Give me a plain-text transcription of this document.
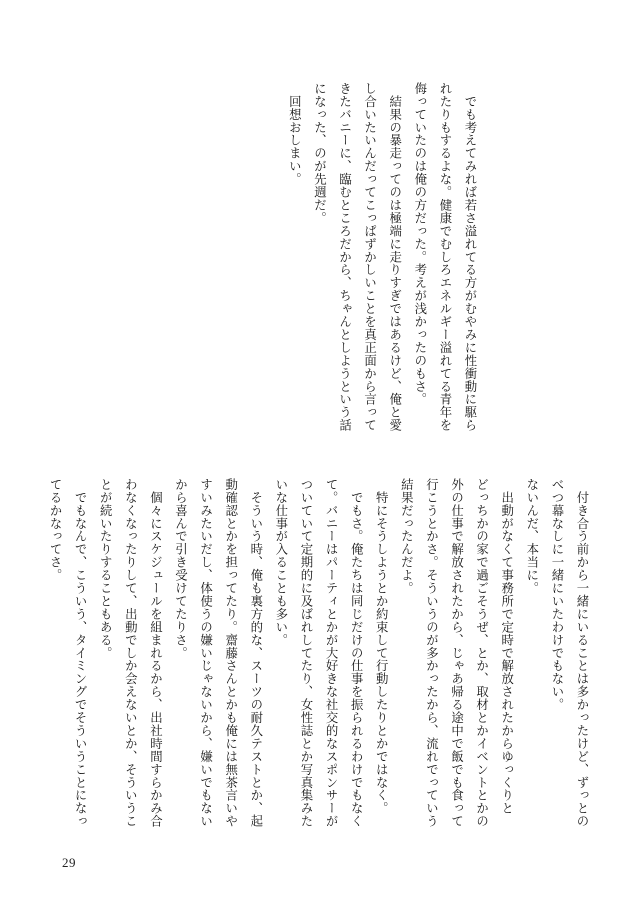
　でも考えてみれば若さ溢れてる方がむやみに性衝動に駆ら
れたりもするよな。健康でむしろエネルギー溢れてる青年を
侮っていたのは俺の方だった。考えが浅かったのもさ。
　結果の暴走ってのは極端に走りすぎではあるけど、俺と愛
し合いたいんだってこっぱずかしいことを真正面から言って
きたバニーに、臨むところだから、ちゃんとしようという話
になった、のが先週だ。
　回想おしまい。
　付き合う前から一緒にいることは多かったけど、ずっとの
べつ幕なしに一緒にいたわけでもない。
ないんだ、本当に。
　出動がなくて事務所で定時で解放されたからゆっくりと
どっちかの家で過ごそうぜ、とか、取材とかイベントとかの
外の仕事で解放されたから、じゃあ帰る途中で飯でも食って
行こうとかさ。そういうのが多かったから、流れでっていう
結果だったんだよ。
　特にそうしようとか約束して行動したりとかではなく。
　でもさ。俺たちは同じだけの仕事を振られるわけでもなく
て。バニーはパーティとかが大好きな社交的なスポンサーが
ついていて定期的に及ばれしてたり、女性誌とか写真集みた
いな仕事が入ることも多い。
　そういう時、俺も裏方的な、スーツの耐久テストとか、起
動確認とかを担ってたり。齋藤さんとかも俺には無茶言いや
すいみたいだし、体使うの嫌いじゃないから、嫌いでもない
から喜んで引き受けてたりさ。
　個々にスケジュールを組まれるから、出社時間すらかみ合
わなくなったりして、出動でしか会えないとか、そういうこ
とが続いたりすることもある。
　でもなんで、こういう、タイミングでそういうことになっ
てるかなってさ。
29
